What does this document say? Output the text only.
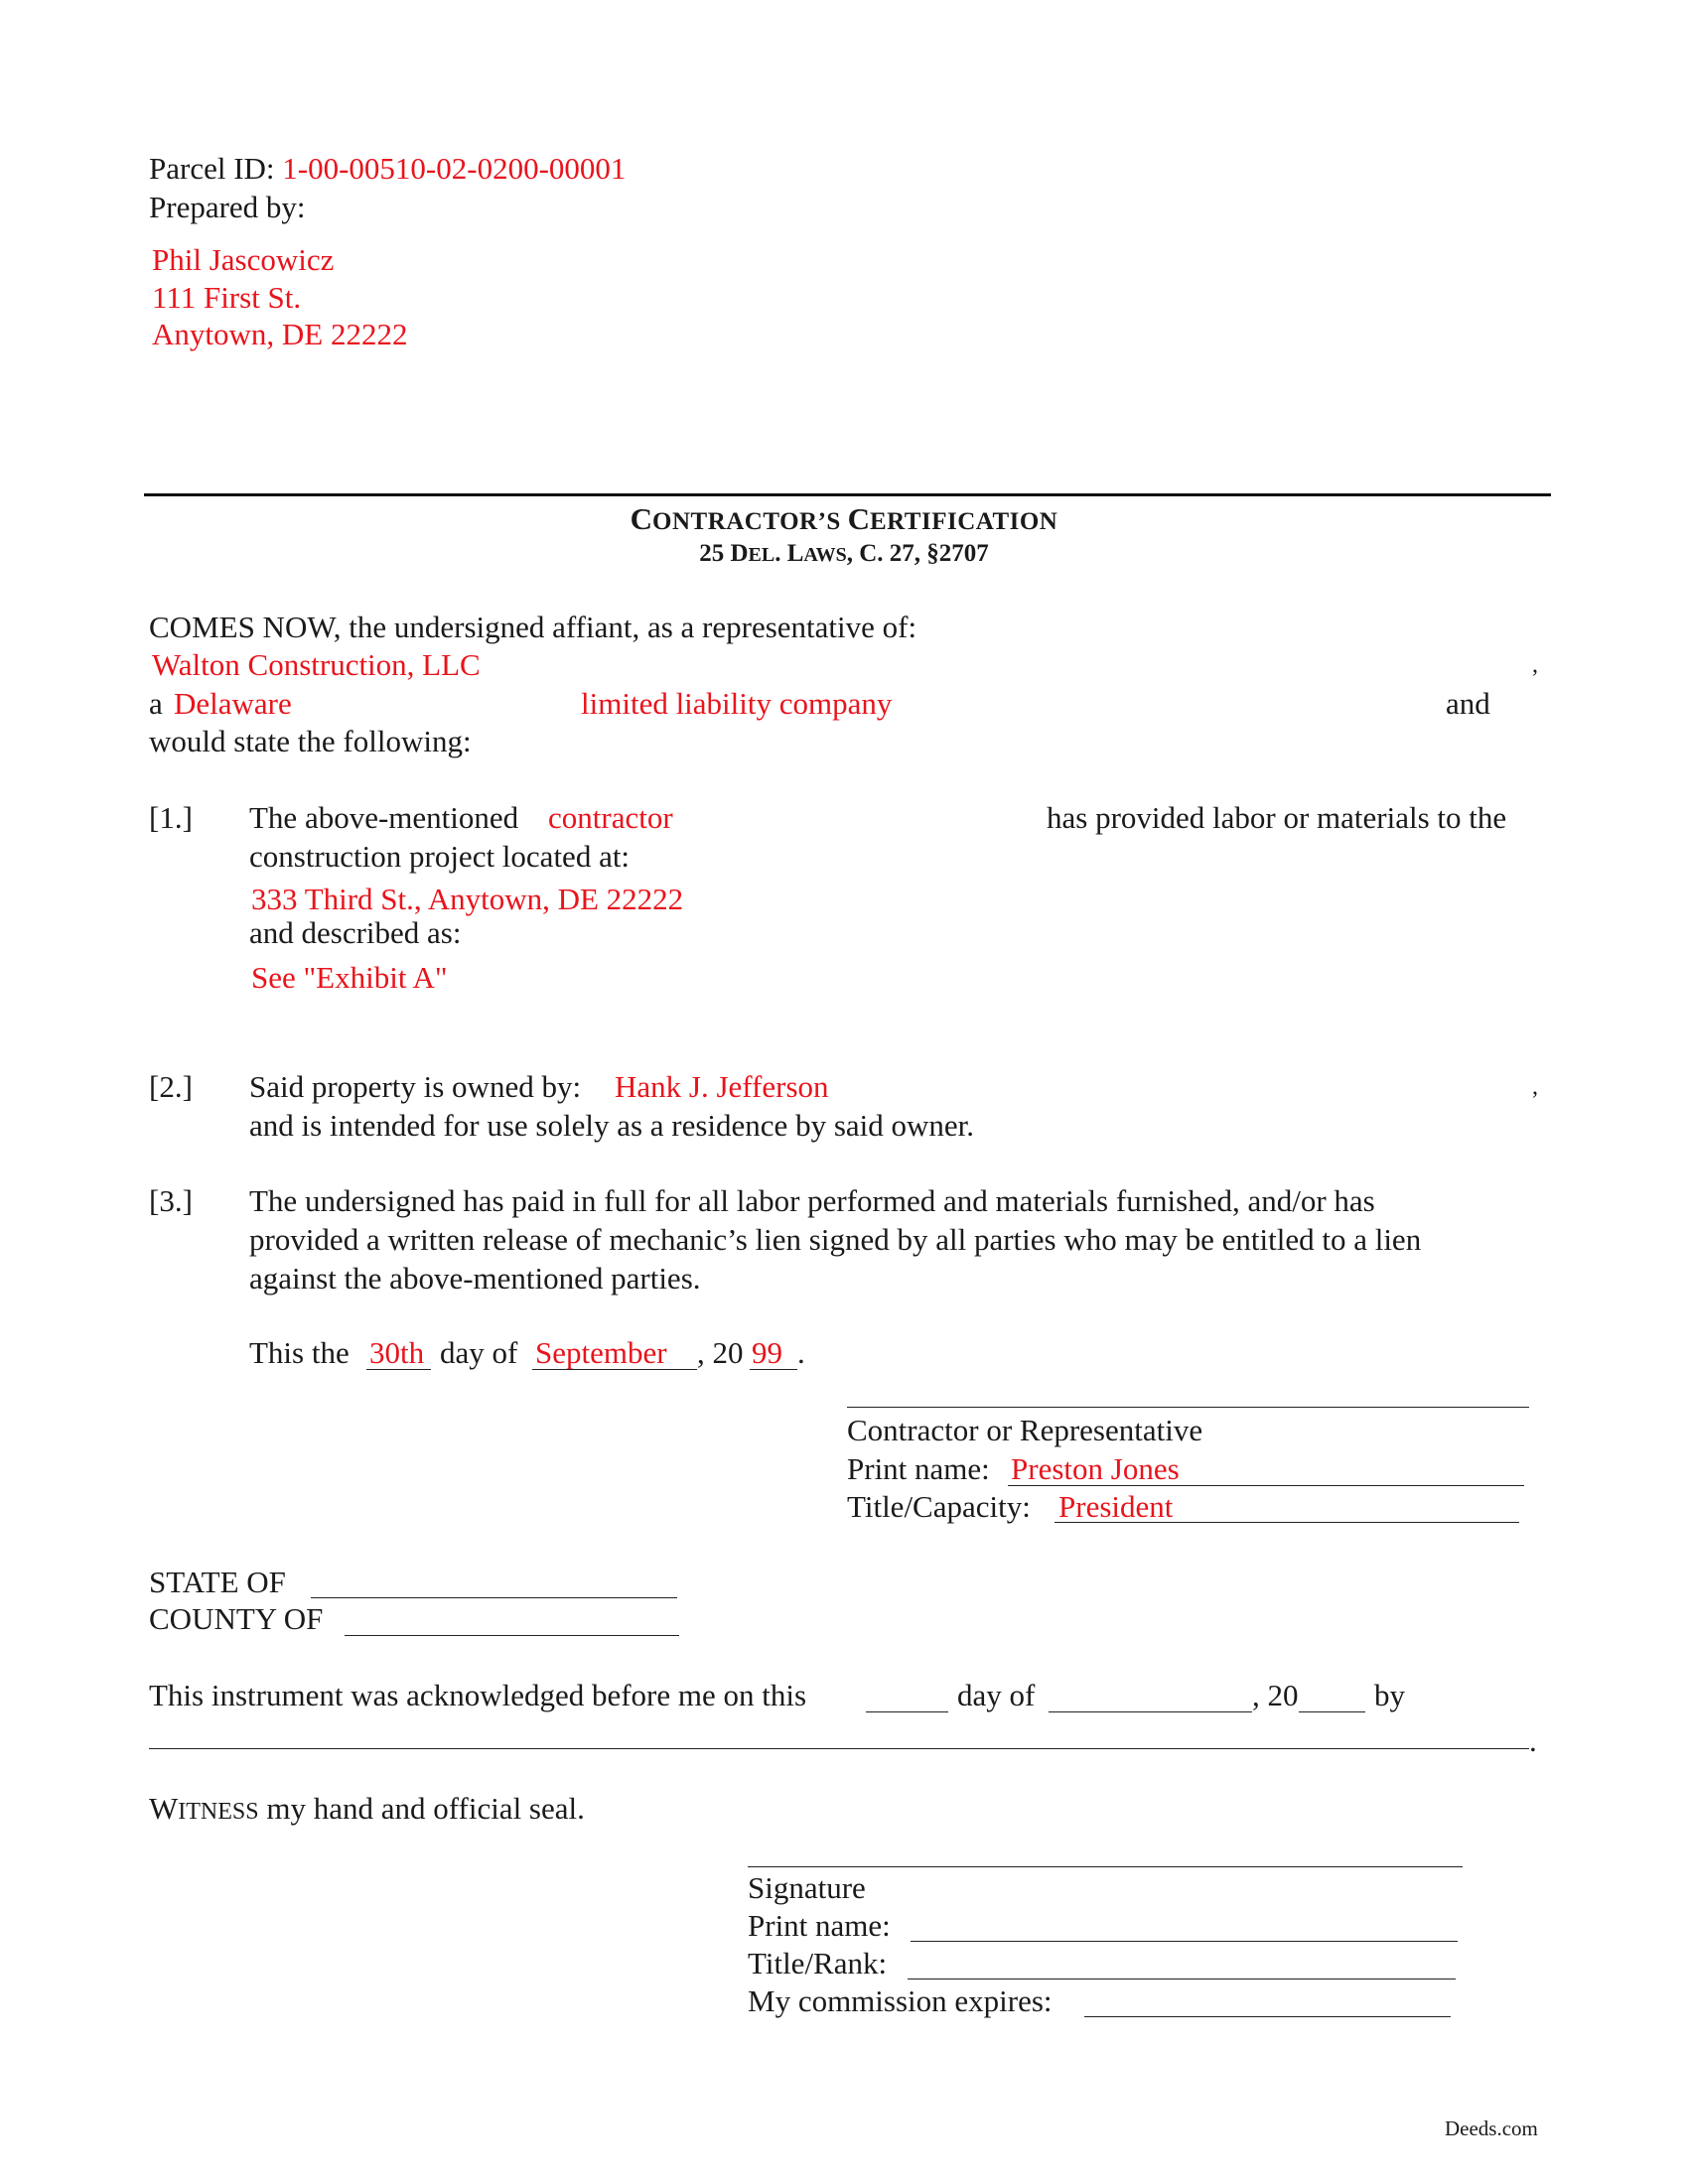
Parcel ID: 1-00-00510-02-0200-00001
Prepared by:
Phil Jascowicz
111 First St.
Anytown, DE 22222
CONTRACTOR’S CERTIFICATION
25 DEL. LAWS, C. 27, §2707
COMES NOW, the undersigned affiant, as a representative of:
Walton Construction, LLC	,
a Delaware	limited liability company	and
would state the following:
[1.] The above-mentioned contractor	has provided labor or materials to the
construction project located at:
333 Third St., Anytown, DE 22222
and described as:
See "Exhibit A"
[2.] Said property is owned by: Hank J. Jefferson	,
and is intended for use solely as a residence by said owner.
[3.] The undersigned has paid in full for all labor performed and materials furnished, and/or has
provided a written release of mechanic’s lien signed by all parties who may be entitled to a lien
against the above-mentioned parties.
This the 30th day of September , 20 99 .
Contractor or Representative
Print name: Preston Jones
Title/Capacity: President
STATE OF
COUNTY OF
This instrument was acknowledged before me on this	day of	, 20 by
.
WITNESS my hand and official seal.
Signature
Print name:
Title/Rank:
My commission expires:
Deeds.com
